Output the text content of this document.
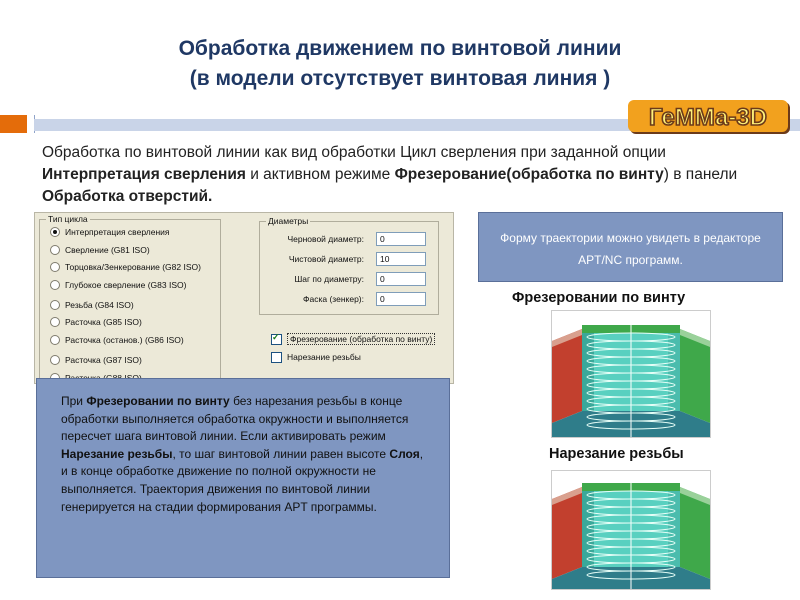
Обработка движением по винтовой линии
(в модели отсутствует винтовая линия )
ГеММа-3D
Обработка по винтовой линии как вид обработки Цикл сверления при заданной опции Интерпретация сверления и активном режиме Фрезерование(обработка по винту) в панели Обработка отверстий.
Тип цикла
Интерпретация сверления
Сверление (G81 ISO)
Торцовка/Зенкерование (G82 ISO)
Глубокое сверление (G83 ISO)
Резьба (G84 ISO)
Расточка (G85 ISO)
Расточка (останов.) (G86 ISO)
Расточка (G87 ISO)
Диаметры
Черновой диаметр:	0
Чистовой диаметр:	10
Шаг по диаметру:	0
Фаска (зенкер):	0
✓
Фрезерование (обработка по винту)
Нарезание резьбы
Форму траектории можно увидеть в редакторе APT/NC программ.
При Фрезеровании по винту без нарезания резьбы в конце обработки выполняется обработка окружности и выполняется пересчет шага винтовой линии. Если активировать режим Нарезание резьбы, то шаг винтовой линии равен высоте Слоя, и в конце обработке движение по полной окружности не выполняется. Траектория движения по винтовой линии генерируется на стадии формирования APT программы.
Фрезеровании по винту
Нарезание резьбы
